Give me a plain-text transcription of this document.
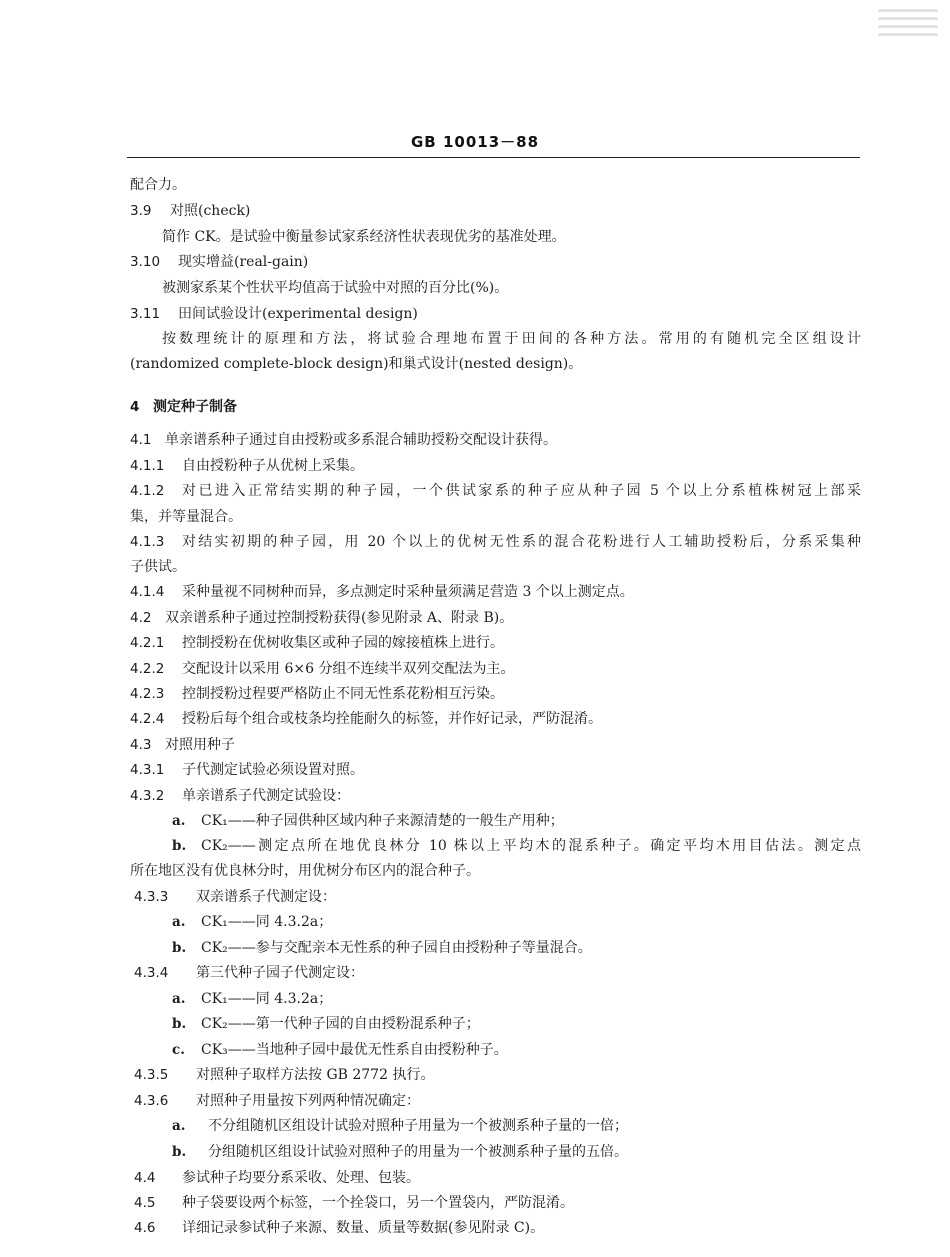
GB 10013－88
配合力。
3.9 对照(check)
简作 CK。是试验中衡量参试家系经济性状表现优劣的基准处理。
3.10 现实增益(real-gain)
被测家系某个性状平均值高于试验中对照的百分比(%)。
3.11 田间试验设计(experimental design)
按数理统计的原理和方法，将试验合理地布置于田间的各种方法。常用的有随机完全区组设计
(randomized complete-block design)和巢式设计(nested design)。
4 测定种子制备
4.1 单亲谱系种子通过自由授粉或多系混合辅助授粉交配设计获得。
4.1.1 自由授粉种子从优树上采集。
4.1.2 对已进入正常结实期的种子园，一个供试家系的种子应从种子园 5 个以上分系植株树冠上部采
集，并等量混合。
4.1.3 对结实初期的种子园，用 20 个以上的优树无性系的混合花粉进行人工辅助授粉后，分系采集种
子供试。
4.1.4 采种量视不同树种而异，多点测定时采种量须满足营造 3 个以上测定点。
4.2 双亲谱系种子通过控制授粉获得(参见附录 A、附录 B)。
4.2.1 控制授粉在优树收集区或种子园的嫁接植株上进行。
4.2.2 交配设计以采用 6×6 分组不连续半双列交配法为主。
4.2.3 控制授粉过程要严格防止不同无性系花粉相互污染。
4.2.4 授粉后每个组合或枝条均拴能耐久的标签，并作好记录，严防混淆。
4.3 对照用种子
4.3.1 子代测定试验必须设置对照。
4.3.2 单亲谱系子代测定试验设：
a. CK₁——种子园供种区域内种子来源清楚的一般生产用种；
b. CK₂——测定点所在地优良林分 10 株以上平均木的混系种子。确定平均木用目估法。测定点
所在地区没有优良林分时，用优树分布区内的混合种子。
4.3.3 双亲谱系子代测定设：
a. CK₁——同 4.3.2a；
b. CK₂——参与交配亲本无性系的种子园自由授粉种子等量混合。
4.3.4 第三代种子园子代测定设：
a. CK₁——同 4.3.2a；
b. CK₂——第一代种子园的自由授粉混系种子；
c. CK₃——当地种子园中最优无性系自由授粉种子。
4.3.5 对照种子取样方法按 GB 2772 执行。
4.3.6 对照种子用量按下列两种情况确定：
a. 不分组随机区组设计试验对照种子用量为一个被测系种子量的一倍；
b. 分组随机区组设计试验对照种子的用量为一个被测系种子量的五倍。
4.4 参试种子均要分系采收、处理、包装。
4.5 种子袋要设两个标签，一个拴袋口，另一个置袋内，严防混淆。
4.6 详细记录参试种子来源、数量、质量等数据(参见附录 C)。
